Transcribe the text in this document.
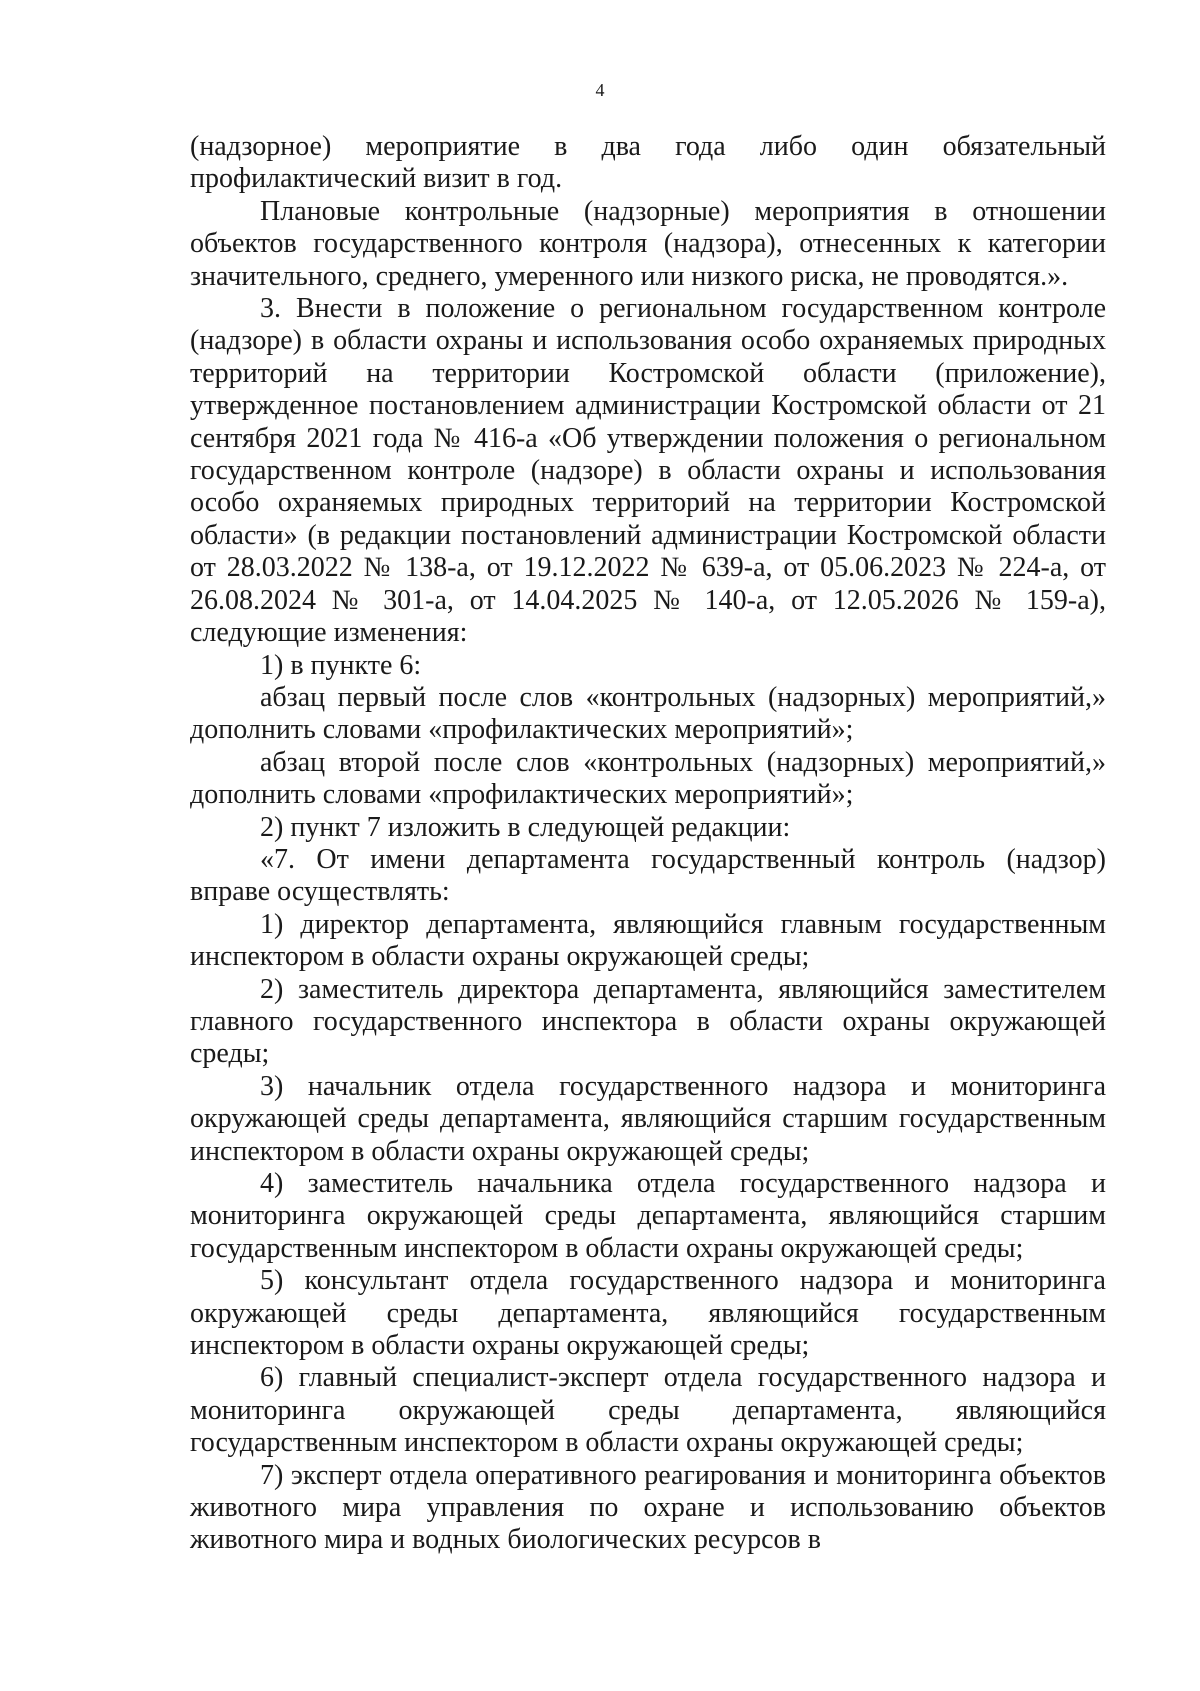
4

(надзорное) мероприятие в два года либо один обязательный профилактический визит в год.

Плановые контрольные (надзорные) мероприятия в отношении объектов государственного контроля (надзора), отнесенных к категории значительного, среднего, умеренного или низкого риска, не проводятся.».

3. Внести в положение о региональном государственном контроле (надзоре) в области охраны и использования особо охраняемых природных территорий на территории Костромской области (приложение), утвержденное постановлением администрации Костромской области от 21 сентября 2021 года № 416-а «Об утверждении положения о региональном государственном контроле (надзоре) в области охраны и использования особо охраняемых природных территорий на территории Костромской области» (в редакции постановлений администрации Костромской области от 28.03.2022 № 138-а, от 19.12.2022 № 639-а, от 05.06.2023 № 224-а, от 26.08.2024 № 301-а, от 14.04.2025 № 140-а, от 12.05.2026 № 159-а), следующие изменения:

1) в пункте 6:

абзац первый после слов «контрольных (надзорных) мероприятий,» дополнить словами «профилактических мероприятий»;

абзац второй после слов «контрольных (надзорных) мероприятий,» дополнить словами «профилактических мероприятий»;

2) пункт 7 изложить в следующей редакции:

«7. От имени департамента государственный контроль (надзор) вправе осуществлять:

1) директор департамента, являющийся главным государственным инспектором в области охраны окружающей среды;

2) заместитель директора департамента, являющийся заместителем главного государственного инспектора в области охраны окружающей среды;

3) начальник отдела государственного надзора и мониторинга окружающей среды департамента, являющийся старшим государственным инспектором в области охраны окружающей среды;

4) заместитель начальника отдела государственного надзора и мониторинга окружающей среды департамента, являющийся старшим государственным инспектором в области охраны окружающей среды;

5) консультант отдела государственного надзора и мониторинга окружающей среды департамента, являющийся государственным инспектором в области охраны окружающей среды;

6) главный специалист-эксперт отдела государственного надзора и мониторинга окружающей среды департамента, являющийся государственным инспектором в области охраны окружающей среды;

7) эксперт отдела оперативного реагирования и мониторинга объектов животного мира управления по охране и использованию объектов животного мира и водных биологических ресурсов в
